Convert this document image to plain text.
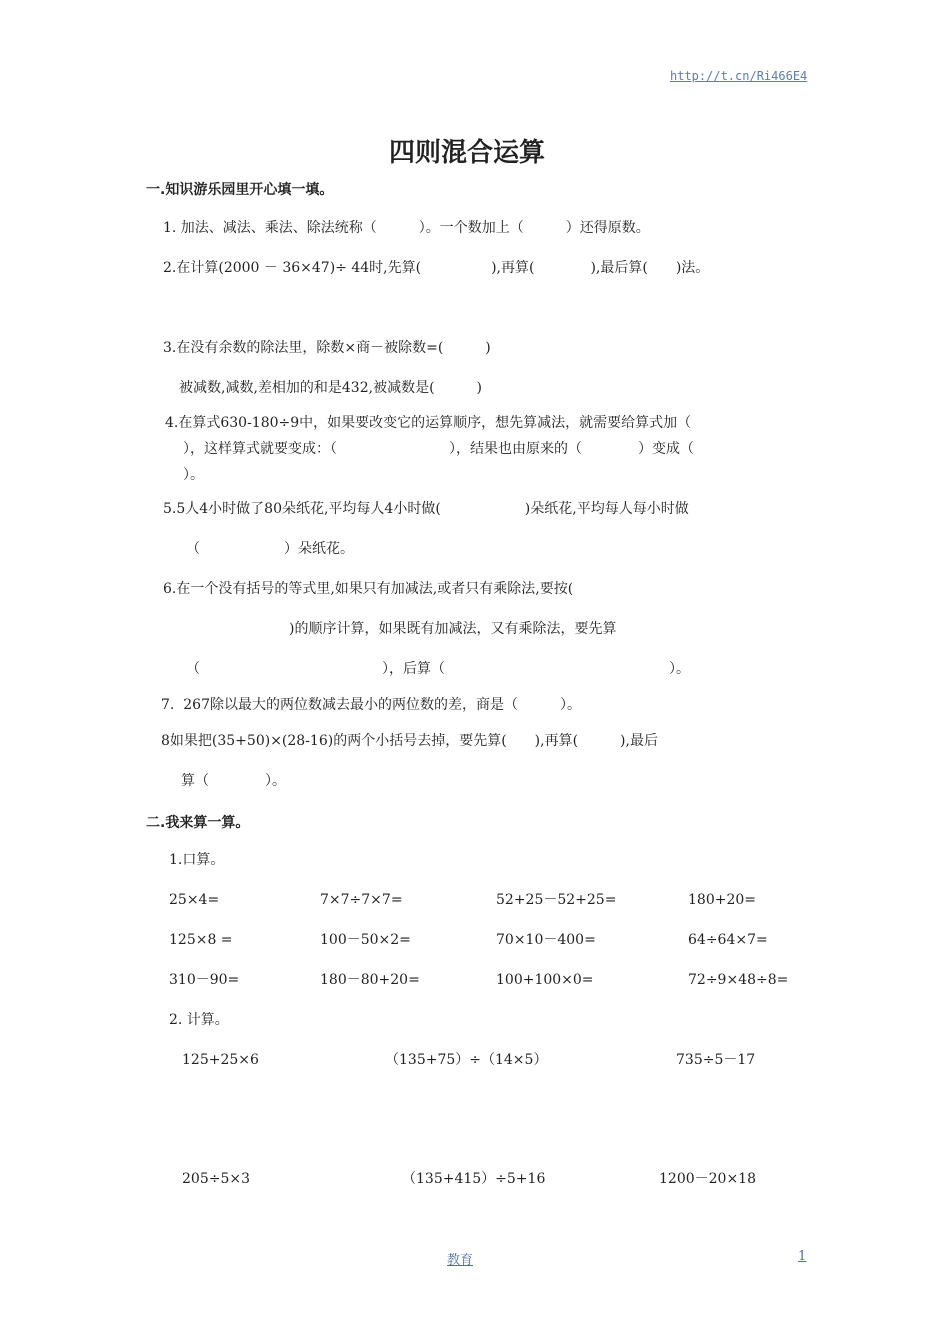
http://t.cn/Ri466E4
四则混合运算
一.知识游乐园里开心填一填。
1. 加法、减法、乘法、除法统称（　　　）。一个数加上（　　　）还得原数。
2.在计算(2000 － 36×47)÷ 44时,先算(　　　　　),再算(　　　　),最后算(　　)法。
3.在没有余数的除法里，除数×商－被除数=(　　　)
被减数,减数,差相加的和是432,被减数是(　　　)
4.在算式630-180÷9中，如果要改变它的运算顺序，想先算减法，就需要给算式加（
），这样算式就要变成：（　　　　　　　　），结果也由原来的（　　　　）变成（
）。
5.5人4小时做了80朵纸花,平均每人4小时做(　　　　　　)朵纸花,平均每人每小时做
（　　　　　　）朵纸花。
6.在一个没有括号的等式里,如果只有加减法,或者只有乘除法,要按(
)的顺序计算，如果既有加减法，又有乘除法，要先算
（　　　　　　　　　　　　　），后算（　　　　　　　　　　　　　　　　）。
7.  267除以最大的两位数减去最小的两位数的差，商是（　　　）。
8如果把(35+50)×(28-16)的两个小括号去掉，要先算(　　),再算(　　　),最后
算（　　　　）。
二.我来算一算。
1.口算。
25×4=	7×7÷7×7=	52+25－52+25=	180+20=
125×8 =	100－50×2=	70×10－400=	64÷64×7=
310－90=	180－80+20=	100+100×0=	72÷9×48÷8=
2. 计算。
125+25×6	（135+75）÷（14×5）	735÷5－17
205÷5×3	（135+415）÷5+16	1200－20×18
教育	1
